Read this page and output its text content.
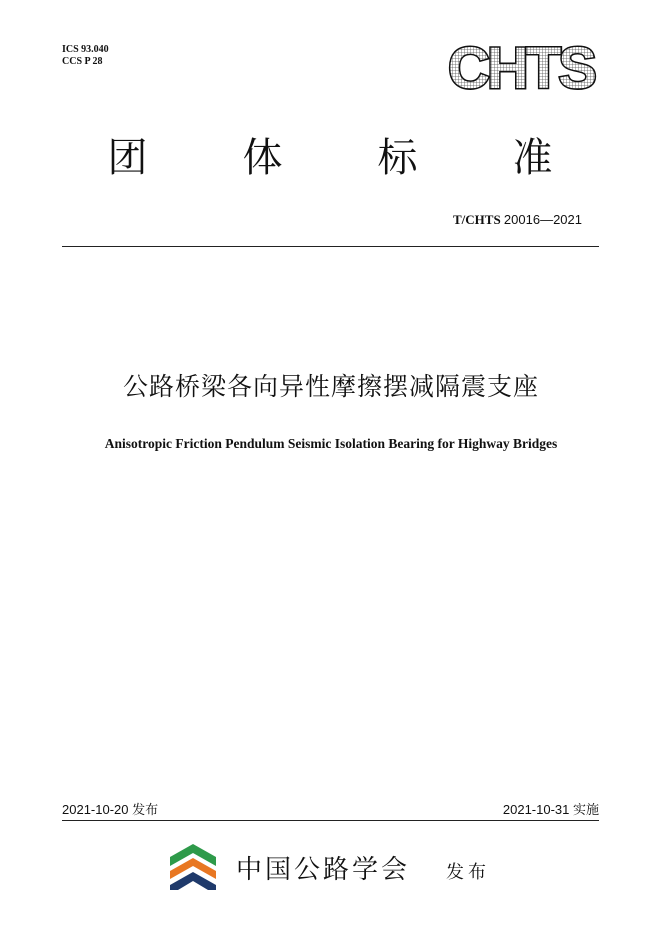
ICS 93.040
CCS P 28	CHTS
团 体 标 准
T/CHTS 20016—2021
公路桥梁各向异性摩擦摆减隔震支座
Anisotropic Friction Pendulum Seismic Isolation Bearing for Highway Bridges
2021-10-20 发布	2021-10-31 实施
中国公路学会 发布
